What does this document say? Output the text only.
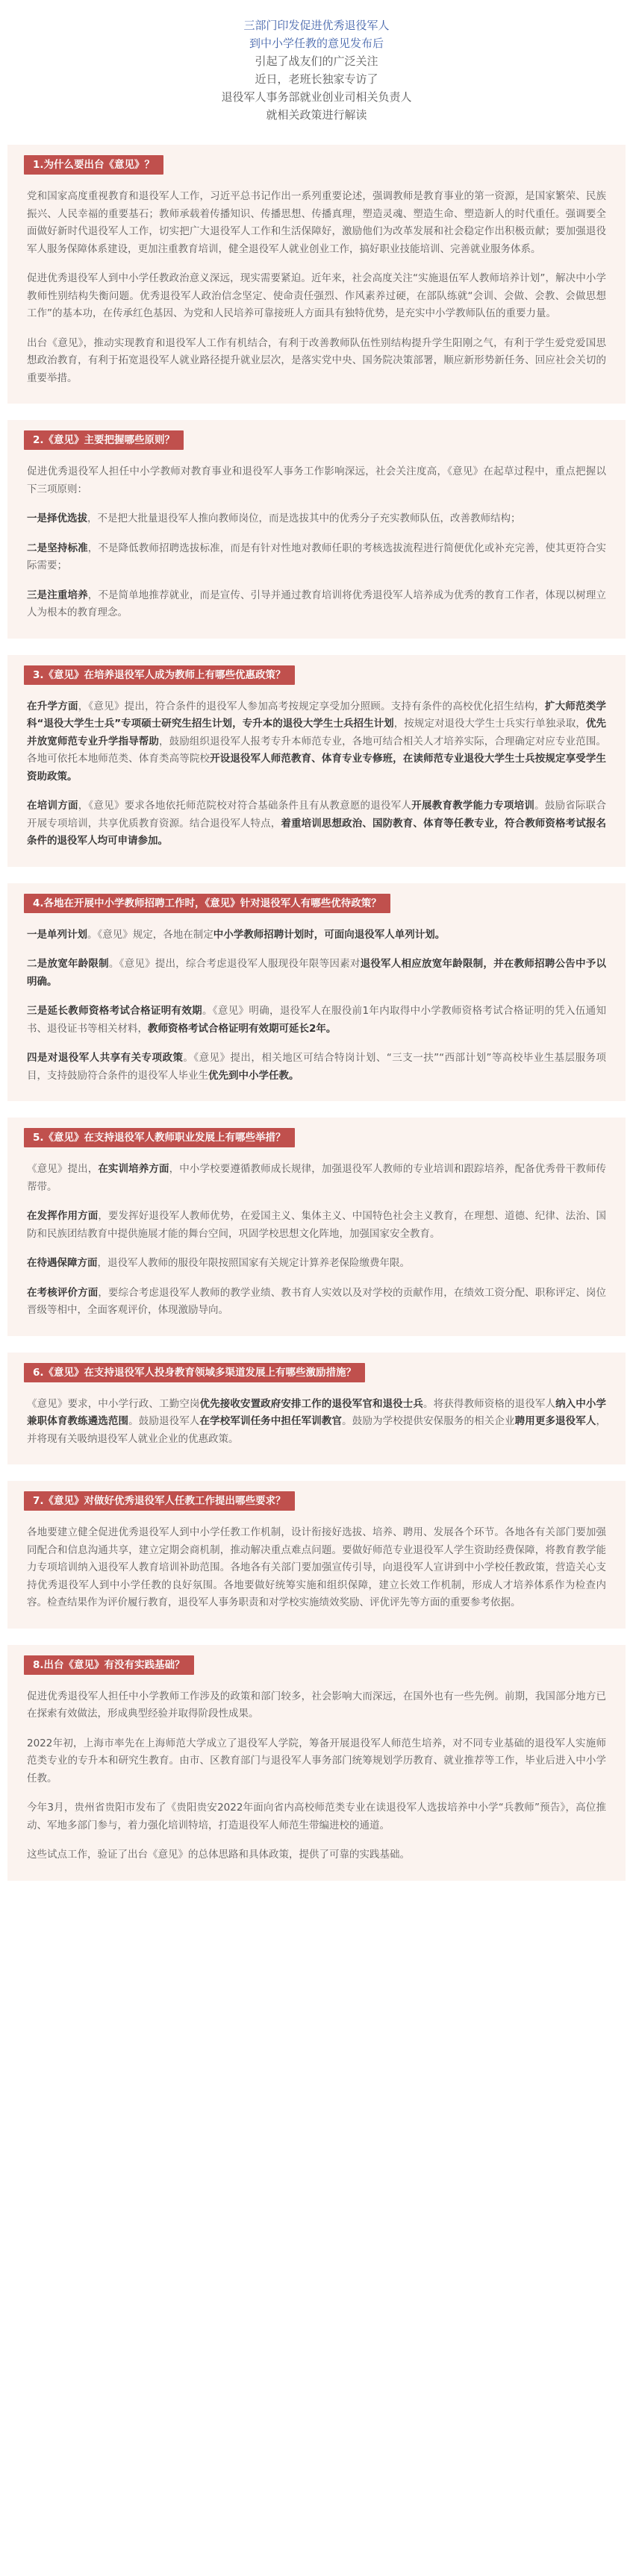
三部门印发促进优秀退役军人

到中小学任教的意见发布后

引起了战友们的广泛关注

近日，老班长独家专访了

退役军人事务部就业创业司相关负责人

就相关政策进行解读

1.为什么要出台《意见》？

党和国家高度重视教育和退役军人工作，习近平总书记作出一系列重要论述，强调教师是教育事业的第一资源，是国家繁荣、民族振兴、人民幸福的重要基石；教师承载着传播知识、传播思想、传播真理，塑造灵魂、塑造生命、塑造新人的时代重任。强调要全面做好新时代退役军人工作，切实把广大退役军人工作和生活保障好，激励他们为改革发展和社会稳定作出积极贡献；要加强退役军人服务保障体系建设，更加注重教育培训，健全退役军人就业创业工作，搞好职业技能培训、完善就业服务体系。

促进优秀退役军人到中小学任教政治意义深远，现实需要紧迫。近年来，社会高度关注“实施退伍军人教师培养计划”，解决中小学教师性别结构失衡问题。优秀退役军人政治信念坚定、使命责任强烈、作风素养过硬，在部队练就“会训、会做、会教、会做思想工作”的基本功，在传承红色基因、为党和人民培养可靠接班人方面具有独特优势，是充实中小学教师队伍的重要力量。

出台《意见》，推动实现教育和退役军人工作有机结合，有利于改善教师队伍性别结构提升学生阳刚之气，有利于学生爱党爱国思想政治教育，有利于拓宽退役军人就业路径提升就业层次，是落实党中央、国务院决策部署，顺应新形势新任务、回应社会关切的重要举措。

2.《意见》主要把握哪些原则？

促进优秀退役军人担任中小学教师对教育事业和退役军人事务工作影响深远，社会关注度高，《意见》在起草过程中，重点把握以下三项原则：

一是择优选拔，不是把大批量退役军人推向教师岗位，而是选拔其中的优秀分子充实教师队伍，改善教师结构；

二是坚持标准，不是降低教师招聘选拔标准，而是有针对性地对教师任职的考核选拔流程进行简便优化或补充完善，使其更符合实际需要；

三是注重培养，不是简单地推荐就业，而是宣传、引导并通过教育培训将优秀退役军人培养成为优秀的教育工作者，体现以树理立人为根本的教育理念。

3.《意见》在培养退役军人成为教师上有哪些优惠政策？

在升学方面，《意见》提出，符合条件的退役军人参加高考按规定享受加分照顾。支持有条件的高校优化招生结构，扩大师范类学科“退役大学生士兵”专项硕士研究生招生计划，专升本的退役大学生士兵招生计划，按规定对退役大学生士兵实行单独录取，优先并放宽师范专业升学指导帮助，鼓励组织退役军人报考专升本师范专业，各地可结合相关人才培养实际，合理确定对应专业范围。各地可依托本地师范类、体育类高等院校开设退役军人师范教育、体育专业专修班，在读师范专业退役大学生士兵按规定享受学生资助政策。

在培训方面，《意见》要求各地依托师范院校对符合基础条件且有从教意愿的退役军人开展教育教学能力专项培训。鼓励省际联合开展专项培训，共享优质教育资源。结合退役军人特点，着重培训思想政治、国防教育、体育等任教专业，符合教师资格考试报名条件的退役军人均可申请参加。

4.各地在开展中小学教师招聘工作时，《意见》针对退役军人有哪些优待政策？

一是单列计划。《意见》规定，各地在制定中小学教师招聘计划时，可面向退役军人单列计划。

二是放宽年龄限制。《意见》提出，综合考虑退役军人服现役年限等因素对退役军人相应放宽年龄限制，并在教师招聘公告中予以明确。

三是延长教师资格考试合格证明有效期。《意见》明确，退役军人在服役前1年内取得中小学教师资格考试合格证明的凭入伍通知书、退役证书等相关材料，教师资格考试合格证明有效期可延长2年。

四是对退役军人共享有关专项政策。《意见》提出，相关地区可结合特岗计划、“三支一扶”“西部计划”等高校毕业生基层服务项目，支持鼓励符合条件的退役军人毕业生优先到中小学任教。

5.《意见》在支持退役军人教师职业发展上有哪些举措？

《意见》提出，在实训培养方面，中小学校要遵循教师成长规律，加强退役军人教师的专业培训和跟踪培养，配备优秀骨干教师传帮带。

在发挥作用方面，要发挥好退役军人教师优势，在爱国主义、集体主义、中国特色社会主义教育，在理想、道德、纪律、法治、国防和民族团结教育中提供施展才能的舞台空间，巩固学校思想文化阵地，加强国家安全教育。

在待遇保障方面，退役军人教师的服役年限按照国家有关规定计算养老保险缴费年限。

在考核评价方面，要综合考虑退役军人教师的教学业绩、教书育人实效以及对学校的贡献作用，在绩效工资分配、职称评定、岗位晋级等相中，全面客观评价，体现激励导向。

6.《意见》在支持退役军人投身教育领域多渠道发展上有哪些激励措施？

《意见》要求，中小学行政、工勤空岗优先接收安置政府安排工作的退役军官和退役士兵。将获得教师资格的退役军人纳入中小学兼职体育教练遴选范围。鼓励退役军人在学校军训任务中担任军训教官。鼓励为学校提供安保服务的相关企业聘用更多退役军人，并将现有关吸纳退役军人就业企业的优惠政策。

7.《意见》对做好优秀退役军人任教工作提出哪些要求？

各地要建立健全促进优秀退役军人到中小学任教工作机制，设计衔接好选拔、培养、聘用、发展各个环节。各地各有关部门要加强同配合和信息沟通共享，建立定期会商机制，推动解决重点难点问题。要做好师范专业退役军人学生资助经费保障，将教育教学能力专项培训纳入退役军人教育培训补助范围。各地各有关部门要加强宣传引导，向退役军人宣讲到中小学校任教政策，营造关心支持优秀退役军人到中小学任教的良好氛围。各地要做好统筹实施和组织保障，建立长效工作机制，形成人才培养体系作为检查内容。检查结果作为评价履行教育，退役军人事务职责和对学校实施绩效奖励、评优评先等方面的重要参考依据。

8.出台《意见》有没有实践基础？

促进优秀退役军人担任中小学教师工作涉及的政策和部门较多，社会影响大而深远，在国外也有一些先例。前期，我国部分地方已在探索有效做法，形成典型经验并取得阶段性成果。

2022年初，上海市率先在上海师范大学成立了退役军人学院，筹备开展退役军人师范生培养，对不同专业基础的退役军人实施师范类专业的专升本和研究生教育。由市、区教育部门与退役军人事务部门统筹规划学历教育、就业推荐等工作，毕业后进入中小学任教。

今年3月，贵州省贵阳市发布了《贵阳贵安2022年面向省内高校师范类专业在读退役军人选拔培养中小学“兵教师”预告》，高位推动、军地多部门参与，着力强化培训特培，打造退役军人师范生带编进校的通道。

这些试点工作，验证了出台《意见》的总体思路和具体政策，提供了可靠的实践基础。
